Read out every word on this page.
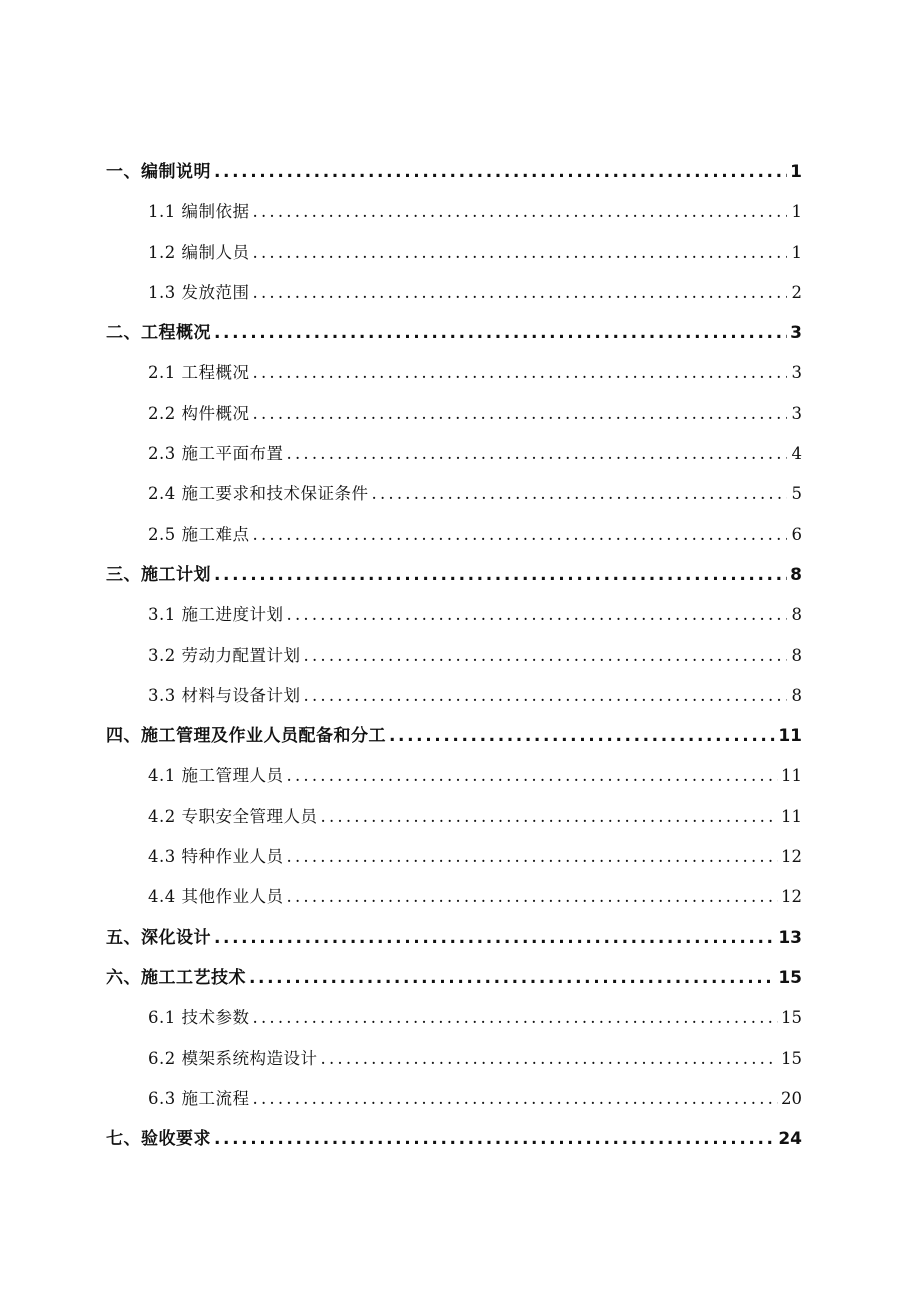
一、编制说明 .....	1
1.1 编制依据 .....	1
1.2 编制人员 .....	1
1.3 发放范围 .....	2
二、工程概况 .....	3
2.1 工程概况 .....	3
2.2 构件概况 .....	3
2.3 施工平面布置 .....	4
2.4 施工要求和技术保证条件 .....	5
2.5 施工难点 .....	6
三、施工计划 .....	8
3.1 施工进度计划 .....	8
3.2 劳动力配置计划 .....	8
3.3 材料与设备计划 .....	8
四、施工管理及作业人员配备和分工 .....	11
4.1 施工管理人员 .....	11
4.2 专职安全管理人员 .....	11
4.3 特种作业人员 .....	12
4.4 其他作业人员 .....	12
五、深化设计 .....	13
六、施工工艺技术 .....	15
6.1 技术参数 .....	15
6.2 模架系统构造设计 .....	15
6.3 施工流程 .....	20
七、验收要求 .....	24
